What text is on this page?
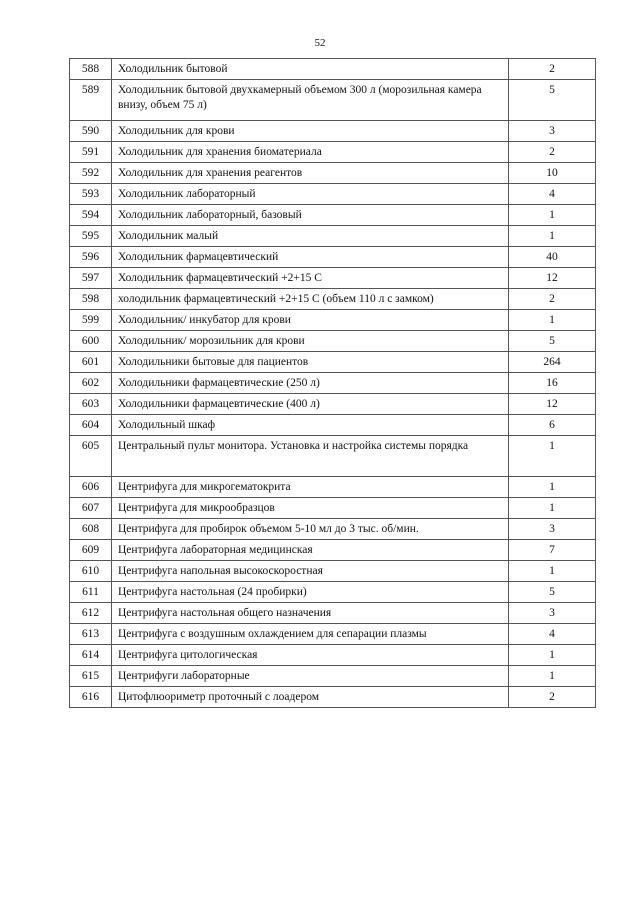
52
588	Холодильник бытовой	2
589	Холодильник бытовой двухкамерный объемом 300 л (морозильная камера внизу, объем 75 л)	5
590	Холодильник для крови	3
591	Холодильник для хранения биоматериала	2
592	Холодильник для хранения реагентов	10
593	Холодильник лабораторный	4
594	Холодильник лабораторный, базовый	1
595	Холодильник малый	1
596	Холодильник фармацевтический	40
597	Холодильник фармацевтический +2+15 С	12
598	холодильник фармацевтический +2+15 С (объем 110 л с замком)	2
599	Холодильник/ инкубатор для крови	1
600	Холодильник/ морозильник для крови	5
601	Холодильники бытовые для пациентов	264
602	Холодильники фармацевтические (250 л)	16
603	Холодильники фармацевтические (400 л)	12
604	Холодильный шкаф	6
605	Центральный пульт монитора. Установка и настройка системы порядка	1
606	Центрифуга для микрогематокрита	1
607	Центрифуга для микрообразцов	1
608	Центрифуга для пробирок объемом 5-10 мл до 3 тыс. об/мин.	3
609	Центрифуга лабораторная медицинская	7
610	Центрифуга напольная высокоскоростная	1
611	Центрифуга настольная (24 пробирки)	5
612	Центрифуга настольная общего назначения	3
613	Центрифуга с воздушным охлаждением для сепарации плазмы	4
614	Центрифуга цитологическая	1
615	Центрифуги лабораторные	1
616	Цитофлюориметр проточный с лоадером	2
